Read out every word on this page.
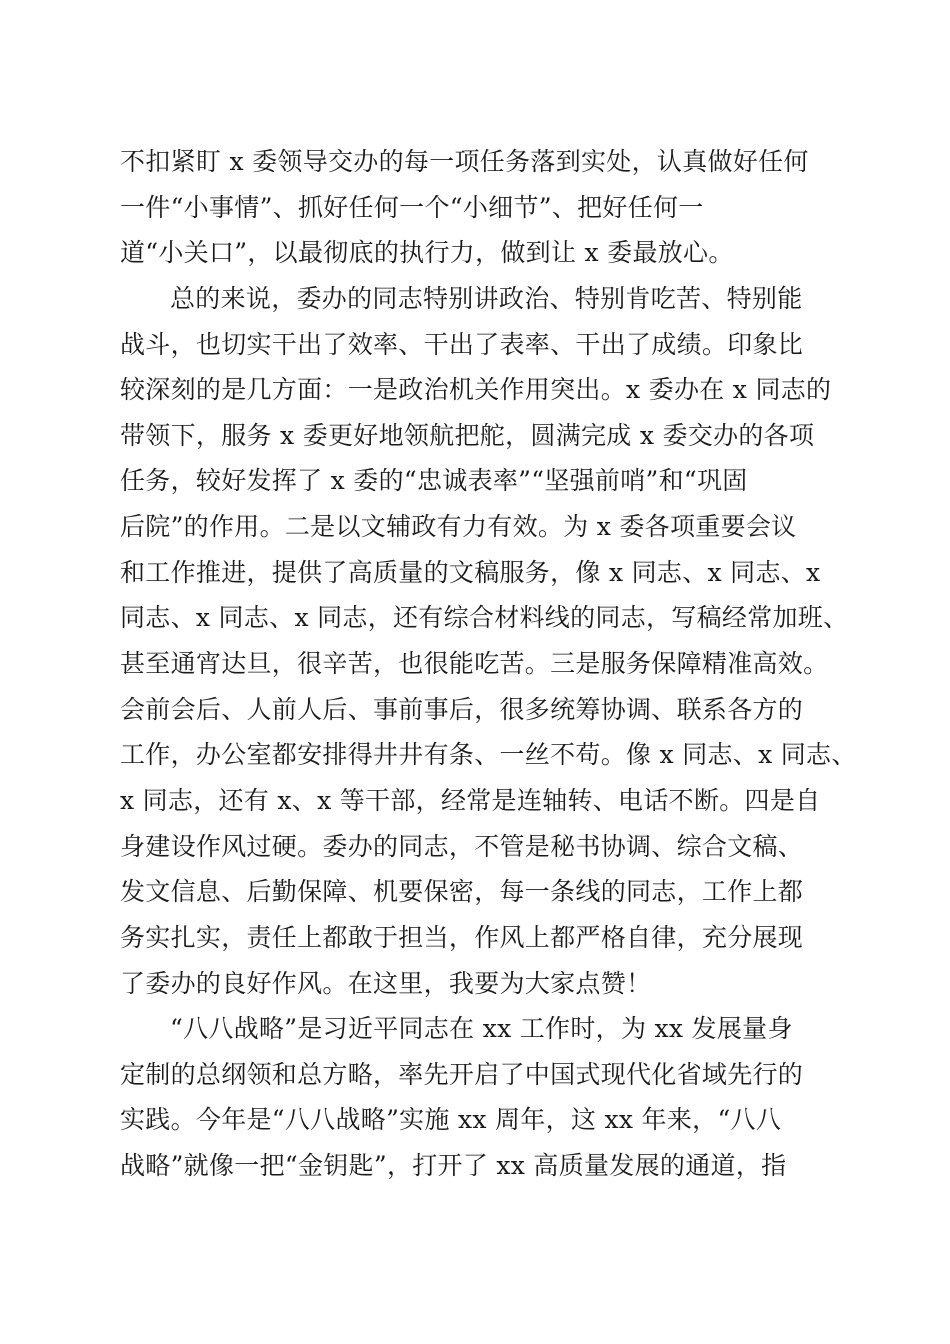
不扣紧盯 x 委领导交办的每一项任务落到实处，认真做好任何
一件“小事情”、抓好任何一个“小细节”、把好任何一
道“小关口”，以最彻底的执行力，做到让 x 委最放心。
总的来说，委办的同志特别讲政治、特别肯吃苦、特别能
战斗，也切实干出了效率、干出了表率、干出了成绩。印象比
较深刻的是几方面：一是政治机关作用突出。x 委办在 x 同志的
带领下，服务 x 委更好地领航把舵，圆满完成 x 委交办的各项
任务，较好发挥了 x 委的“忠诚表率”“坚强前哨”和“巩固
后院”的作用。二是以文辅政有力有效。为 x 委各项重要会议
和工作推进，提供了高质量的文稿服务，像 x 同志、x 同志、x
同志、x 同志、x 同志，还有综合材料线的同志，写稿经常加班、
甚至通宵达旦，很辛苦，也很能吃苦。三是服务保障精准高效。
会前会后、人前人后、事前事后，很多统筹协调、联系各方的
工作，办公室都安排得井井有条、一丝不苟。像 x 同志、x 同志、
x 同志，还有 x、x 等干部，经常是连轴转、电话不断。四是自
身建设作风过硬。委办的同志，不管是秘书协调、综合文稿、
发文信息、后勤保障、机要保密，每一条线的同志，工作上都
务实扎实，责任上都敢于担当，作风上都严格自律，充分展现
了委办的良好作风。在这里，我要为大家点赞！
“八八战略”是习近平同志在 xx 工作时，为 xx 发展量身
定制的总纲领和总方略，率先开启了中国式现代化省域先行的
实践。今年是“八八战略”实施 xx 周年，这 xx 年来，“八八
战略”就像一把“金钥匙”，打开了 xx 高质量发展的通道，指
